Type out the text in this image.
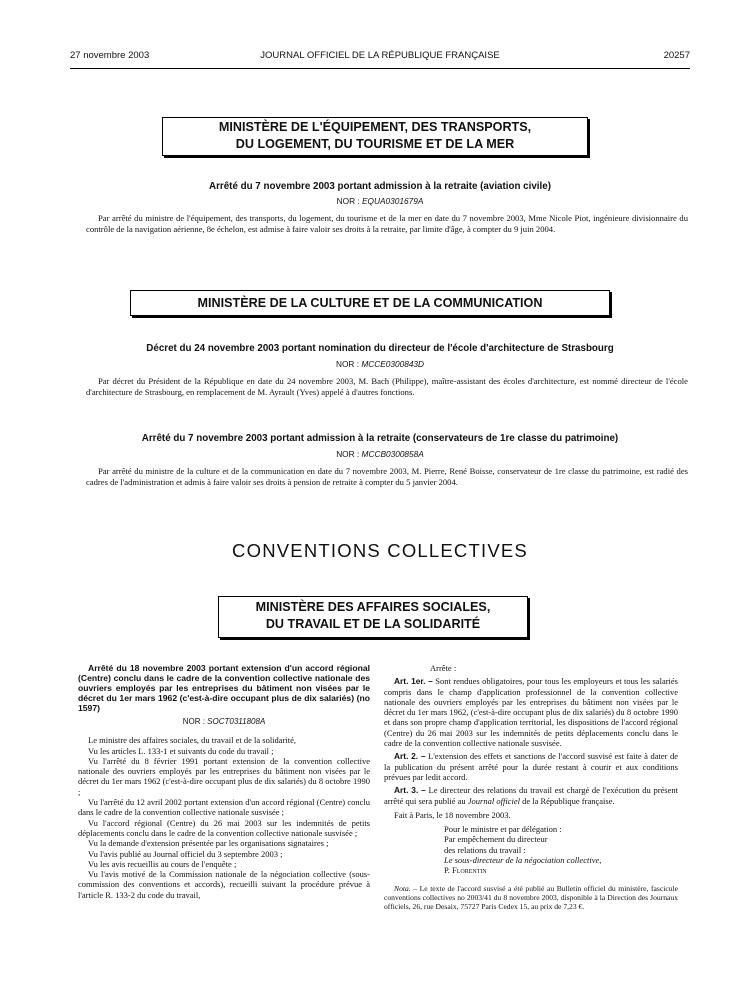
27 novembre 2003	JOURNAL OFFICIEL DE LA RÉPUBLIQUE FRANÇAISE	20257
MINISTÈRE DE L'ÉQUIPEMENT, DES TRANSPORTS,
DU LOGEMENT, DU TOURISME ET DE LA MER
Arrêté du 7 novembre 2003 portant admission à la retraite (aviation civile)
NOR : EQUA0301679A

Par arrêté du ministre de l'équipement, des transports, du logement, du tourisme et de la mer en date du 7 novembre 2003, Mme Nicole Piot, ingénieure divisionnaire du contrôle de la navigation aérienne, 8e échelon, est admise à faire valoir ses droits à la retraite, par limite d'âge, à compter du 9 juin 2004.

MINISTÈRE DE LA CULTURE ET DE LA COMMUNICATION
Décret du 24 novembre 2003 portant nomination du directeur de l'école d'architecture de Strasbourg
NOR : MCCE0300843D

Par décret du Président de la République en date du 24 novembre 2003, M. Bach (Philippe), maître-assistant des écoles d'architecture, est nommé directeur de l'école d'architecture de Strasbourg, en remplacement de M. Ayrault (Yves) appelé à d'autres fonctions.

Arrêté du 7 novembre 2003 portant admission à la retraite (conservateurs de 1re classe du patrimoine)
NOR : MCCB0300858A

Par arrêté du ministre de la culture et de la communication en date du 7 novembre 2003, M. Pierre, René Boisse, conservateur de 1re classe du patrimoine, est radié des cadres de l'administration et admis à faire valoir ses droits à pension de retraite à compter du 5 janvier 2004.

CONVENTIONS COLLECTIVES
MINISTÈRE DES AFFAIRES SOCIALES,
DU TRAVAIL ET DE LA SOLIDARITÉ

Arrêté du 18 novembre 2003 portant extension d'un accord régional (Centre) conclu dans le cadre de la convention collective nationale des ouvriers employés par les entreprises du bâtiment non visées par le décret du 1er mars 1962 (c'est-à-dire occupant plus de dix salariés) (no 1597)

NOR : SOCT0311808A

Le ministre des affaires sociales, du travail et de la solidarité,

Vu les articles L. 133-1 et suivants du code du travail ;

Vu l'arrêté du 8 février 1991 portant extension de la convention collective nationale des ouvriers employés par les entreprises du bâtiment non visées par le décret du 1er mars 1962 (c'est-à-dire occupant plus de dix salariés) du 8 octobre 1990 ;

Vu l'arrêté du 12 avril 2002 portant extension d'un accord régional (Centre) conclu dans le cadre de la convention collective nationale susvisée ;

Vu l'accord régional (Centre) du 26 mai 2003 sur les indemnités de petits déplacements conclu dans le cadre de la convention collective nationale susvisée ;

Vu la demande d'extension présentée par les organisations signataires ;

Vu l'avis publié au Journal officiel du 3 septembre 2003 ;

Vu les avis recueillis au cours de l'enquête ;

Vu l'avis motivé de la Commission nationale de la négociation collective (sous-commission des conventions et accords), recueilli suivant la procédure prévue à l'article R. 133-2 du code du travail,

Arrête :

Art. 1er. – Sont rendues obligatoires, pour tous les employeurs et tous les salariés compris dans le champ d'application professionnel de la convention collective nationale des ouvriers employés par les entreprises du bâtiment non visées par le décret du 1er mars 1962, (c'est-à-dire occupant plus de dix salariés) du 8 octobre 1990 et dans son propre champ d'application territorial, les dispositions de l'accord régional (Centre) du 26 mai 2003 sur les indemnités de petits déplacements conclu dans le cadre de la convention collective nationale susvisée.

Art. 2. – L'extension des effets et sanctions de l'accord susvisé est faite à dater de la publication du présent arrêté pour la durée restant à courir et aux conditions prévues par ledit accord.

Art. 3. – Le directeur des relations du travail est chargé de l'exécution du présent arrêté qui sera publié au Journal officiel de la République française.

Fait à Paris, le 18 novembre 2003.

Pour le ministre et par délégation :

Par empêchement du directeur

des relations du travail :

Le sous-directeur de la négociation collective,

P. Florentin

Nota. – Le texte de l'accord susvisé a été publié au Bulletin officiel du ministère, fascicule conventions collectives no 2003/41 du 8 novembre 2003, disponible à la Direction des Journaux officiels, 26, rue Desaix, 75727 Paris Cedex 15, au prix de 7,23 €.
